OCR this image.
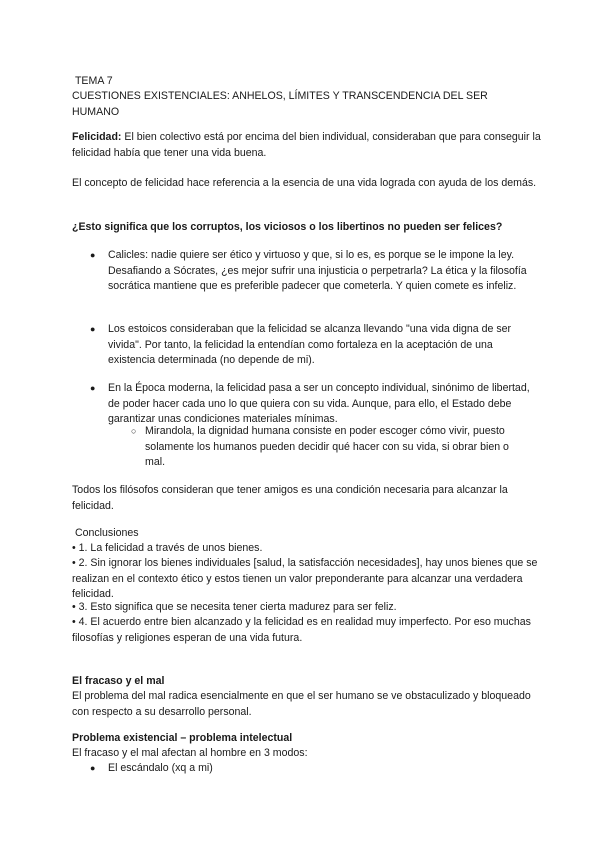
TEMA 7
CUESTIONES EXISTENCIALES: ANHELOS, LÍMITES Y TRANSCENDENCIA DEL SER HUMANO

Felicidad: El bien colectivo está por encima del bien individual, consideraban que para conseguir la felicidad había que tener una vida buena.

El concepto de felicidad hace referencia a la esencia de una vida lograda con ayuda de los demás.

¿Esto significa que los corruptos, los viciosos o los libertinos no pueden ser felices?

● Calicles: nadie quiere ser ético y virtuoso y que, si lo es, es porque se le impone la ley. Desafiando a Sócrates, ¿es mejor sufrir una injusticia o perpetrarla? La ética y la filosofía socrática mantiene que es preferible padecer que cometerla. Y quien comete es infeliz.

● Los estoicos consideraban que la felicidad se alcanza llevando "una vida digna de ser vivida". Por tanto, la felicidad la entendían como fortaleza en la aceptación de una existencia determinada (no depende de mi).

● En la Época moderna, la felicidad pasa a ser un concepto individual, sinónimo de libertad, de poder hacer cada uno lo que quiera con su vida. Aunque, para ello, el Estado debe garantizar unas condiciones materiales mínimas.

○ Mirandola, la dignidad humana consiste en poder escoger cómo vivir, puesto solamente los humanos pueden decidir qué hacer con su vida, si obrar bien o mal.

Todos los filósofos consideran que tener amigos es una condición necesaria para alcanzar la felicidad.

Conclusiones
• 1. La felicidad a través de unos bienes.
• 2. Sin ignorar los bienes individuales [salud, la satisfacción necesidades], hay unos bienes que se realizan en el contexto ético y estos tienen un valor preponderante para alcanzar una verdadera felicidad.
• 3. Esto significa que se necesita tener cierta madurez para ser feliz.
• 4. El acuerdo entre bien alcanzado y la felicidad es en realidad muy imperfecto. Por eso muchas filosofías y religiones esperan de una vida futura.
El fracaso y el mal
El problema del mal radica esencialmente en que el ser humano se ve obstaculizado y bloqueado con respecto a su desarrollo personal.
Problema existencial – problema intelectual
El fracaso y el mal afectan al hombre en 3 modos:
● El escándalo (xq a mi)
